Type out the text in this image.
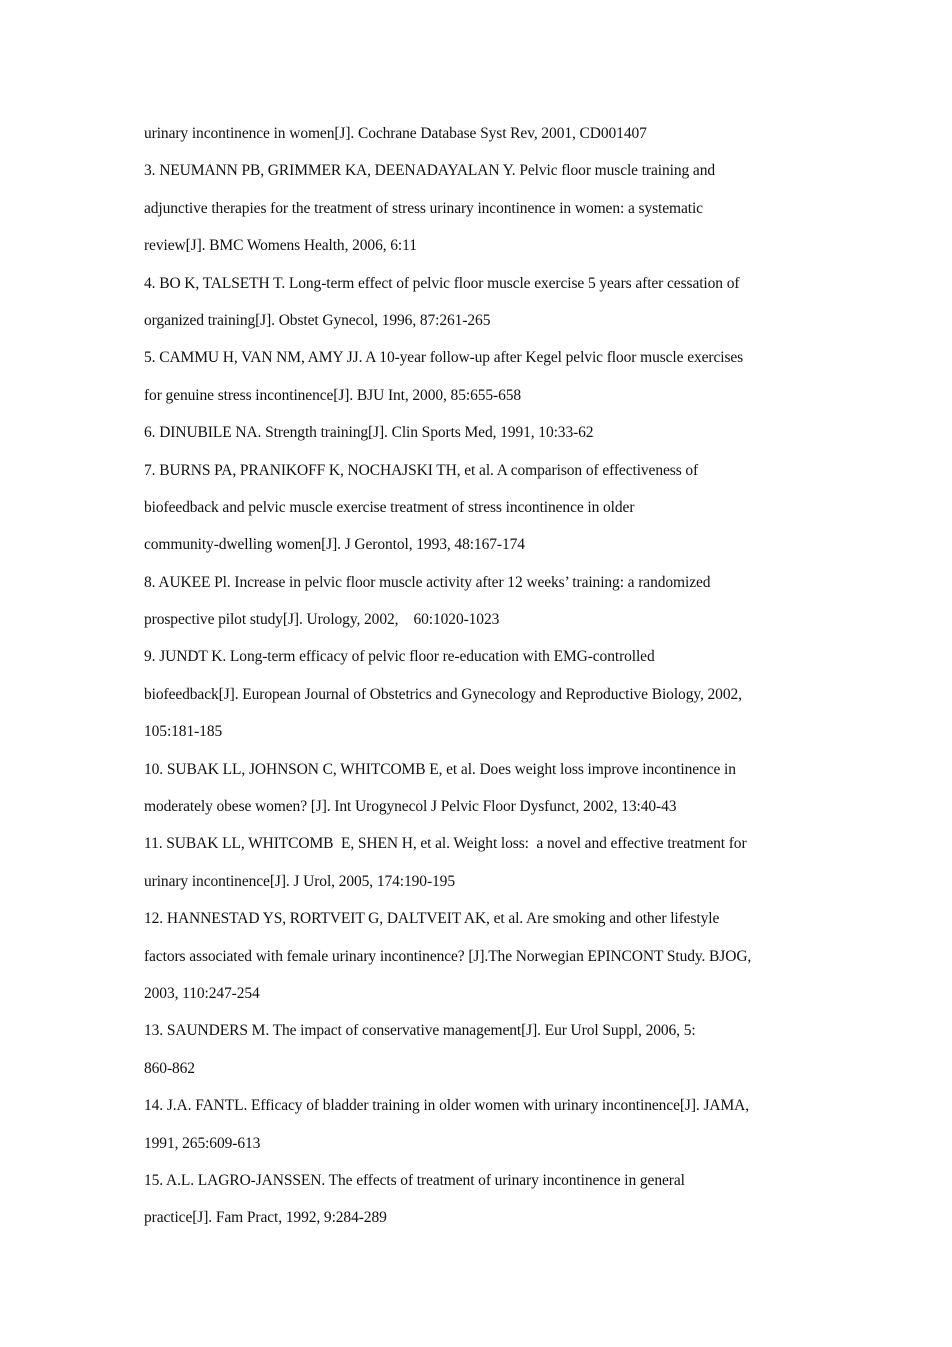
urinary incontinence in women[J]. Cochrane Database Syst Rev, 2001, CD001407
3. NEUMANN PB, GRIMMER KA, DEENADAYALAN Y. Pelvic floor muscle training and
adjunctive therapies for the treatment of stress urinary incontinence in women: a systematic
review[J]. BMC Womens Health, 2006, 6:11
4. BO K, TALSETH T. Long-term effect of pelvic floor muscle exercise 5 years after cessation of
organized training[J]. Obstet Gynecol, 1996, 87:261-265
5. CAMMU H, VAN NM, AMY JJ. A 10-year follow-up after Kegel pelvic floor muscle exercises
for genuine stress incontinence[J]. BJU Int, 2000, 85:655-658
6. DINUBILE NA. Strength training[J]. Clin Sports Med, 1991, 10:33-62
7. BURNS PA, PRANIKOFF K, NOCHAJSKI TH, et al. A comparison of effectiveness of
biofeedback and pelvic muscle exercise treatment of stress incontinence in older
community-dwelling women[J]. J Gerontol, 1993, 48:167-174
8. AUKEE Pl. Increase in pelvic floor muscle activity after 12 weeks’ training: a randomized
prospective pilot study[J]. Urology, 2002,    60:1020-1023
9. JUNDT K. Long-term efficacy of pelvic floor re-education with EMG-controlled
biofeedback[J]. European Journal of Obstetrics and Gynecology and Reproductive Biology, 2002,
105:181-185
10. SUBAK LL, JOHNSON C, WHITCOMB E, et al. Does weight loss improve incontinence in
moderately obese women? [J]. Int Urogynecol J Pelvic Floor Dysfunct, 2002, 13:40-43
11. SUBAK LL, WHITCOMB  E, SHEN H, et al. Weight loss:  a novel and effective treatment for
urinary incontinence[J]. J Urol, 2005, 174:190-195
12. HANNESTAD YS, RORTVEIT G, DALTVEIT AK, et al. Are smoking and other lifestyle
factors associated with female urinary incontinence? [J].The Norwegian EPINCONT Study. BJOG,
2003, 110:247-254
13. SAUNDERS M. The impact of conservative management[J]. Eur Urol Suppl, 2006, 5:
860-862
14. J.A. FANTL. Efficacy of bladder training in older women with urinary incontinence[J]. JAMA,
1991, 265:609-613
15. A.L. LAGRO-JANSSEN. The effects of treatment of urinary incontinence in general
practice[J]. Fam Pract, 1992, 9:284-289
